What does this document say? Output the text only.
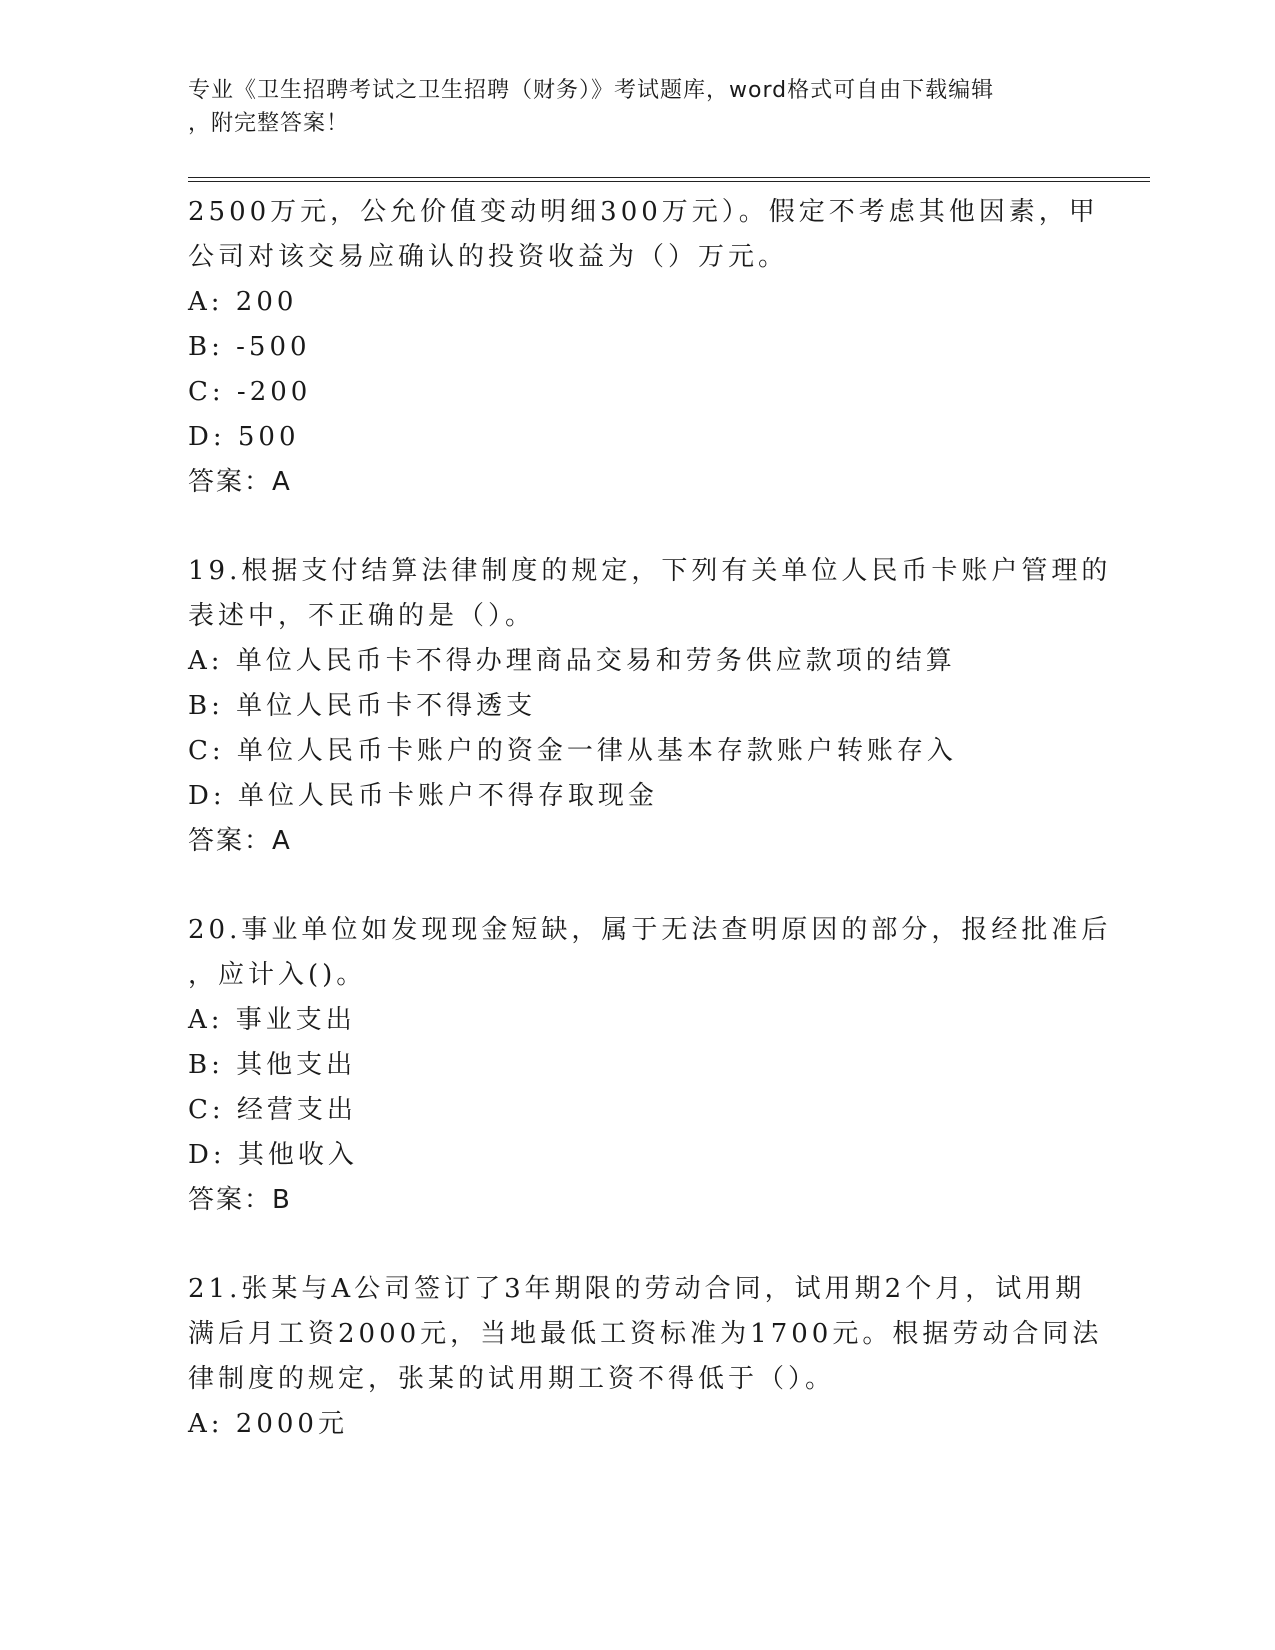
专业《卫生招聘考试之卫生招聘（财务）》考试题库，word格式可自由下载编辑
，附完整答案！
2500万元，公允价值变动明细300万元）。假定不考虑其他因素，甲
公司对该交易应确认的投资收益为（）万元。
A: 200
B: -500
C: -200
D: 500
答案：A
19.根据支付结算法律制度的规定，下列有关单位人民币卡账户管理的
表述中，不正确的是（）。
A: 单位人民币卡不得办理商品交易和劳务供应款项的结算
B: 单位人民币卡不得透支
C: 单位人民币卡账户的资金一律从基本存款账户转账存入
D: 单位人民币卡账户不得存取现金
答案：A
20.事业单位如发现现金短缺，属于无法查明原因的部分，报经批准后
，应计入()。
A: 事业支出
B: 其他支出
C: 经营支出
D: 其他收入
答案：B
21.张某与A公司签订了3年期限的劳动合同，试用期2个月，试用期
满后月工资2000元，当地最低工资标准为1700元。根据劳动合同法
律制度的规定，张某的试用期工资不得低于（）。
A: 2000元
